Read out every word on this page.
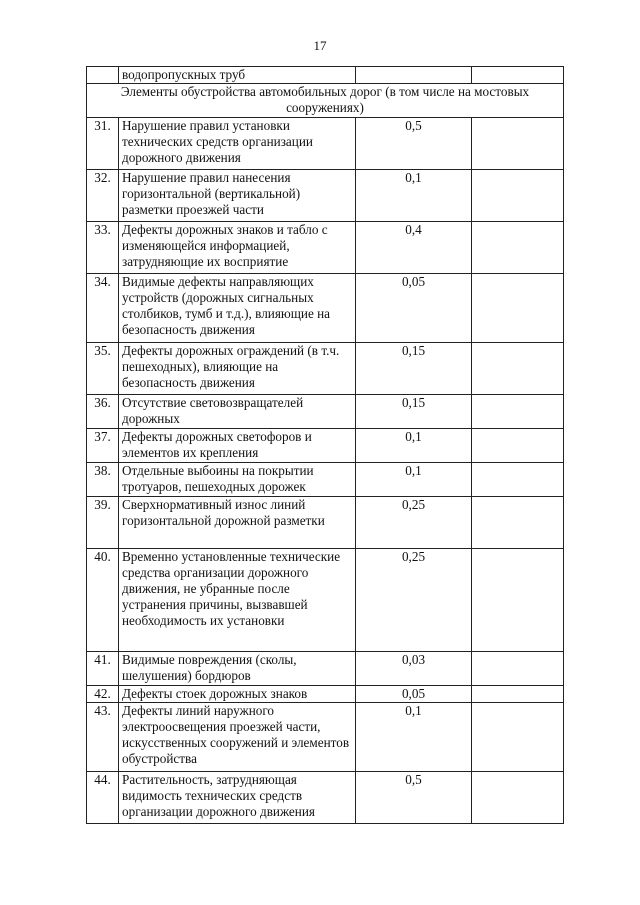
17
	водопропускных труб		
Элементы обустройства автомобильных дорог (в том числе на мостовых сооружениях)			
31.	Нарушение правил установки технических средств организации дорожного движения	0,5	
32.	Нарушение правил нанесения горизонтальной (вертикальной) разметки проезжей части	0,1	
33.	Дефекты дорожных знаков и табло с изменяющейся информацией, затрудняющие их восприятие	0,4	
34.	Видимые дефекты направляющих устройств (дорожных сигнальных столбиков, тумб и т.д.), влияющие на безопасность движения	0,05	
35.	Дефекты дорожных ограждений (в т.ч. пешеходных), влияющие на безопасность движения	0,15	
36.	Отсутствие световозвращателей дорожных	0,15	
37.	Дефекты дорожных светофоров и элементов их крепления	0,1	
38.	Отдельные выбоины на покрытии тротуаров, пешеходных дорожек	0,1	
39.	Сверхнормативный износ линий горизонтальной дорожной разметки	0,25	
40.	Временно установленные технические средства организации дорожного движения, не убранные после устранения причины, вызвавшей необходимость их установки	0,25	
41.	Видимые повреждения (сколы, шелушения) бордюров	0,03	
42.	Дефекты стоек дорожных знаков	0,05	
43.	Дефекты линий наружного электроосвещения проезжей части, искусственных сооружений и элементов обустройства	0,1	
44.	Растительность, затрудняющая видимость технических средств организации дорожного движения	0,5	
